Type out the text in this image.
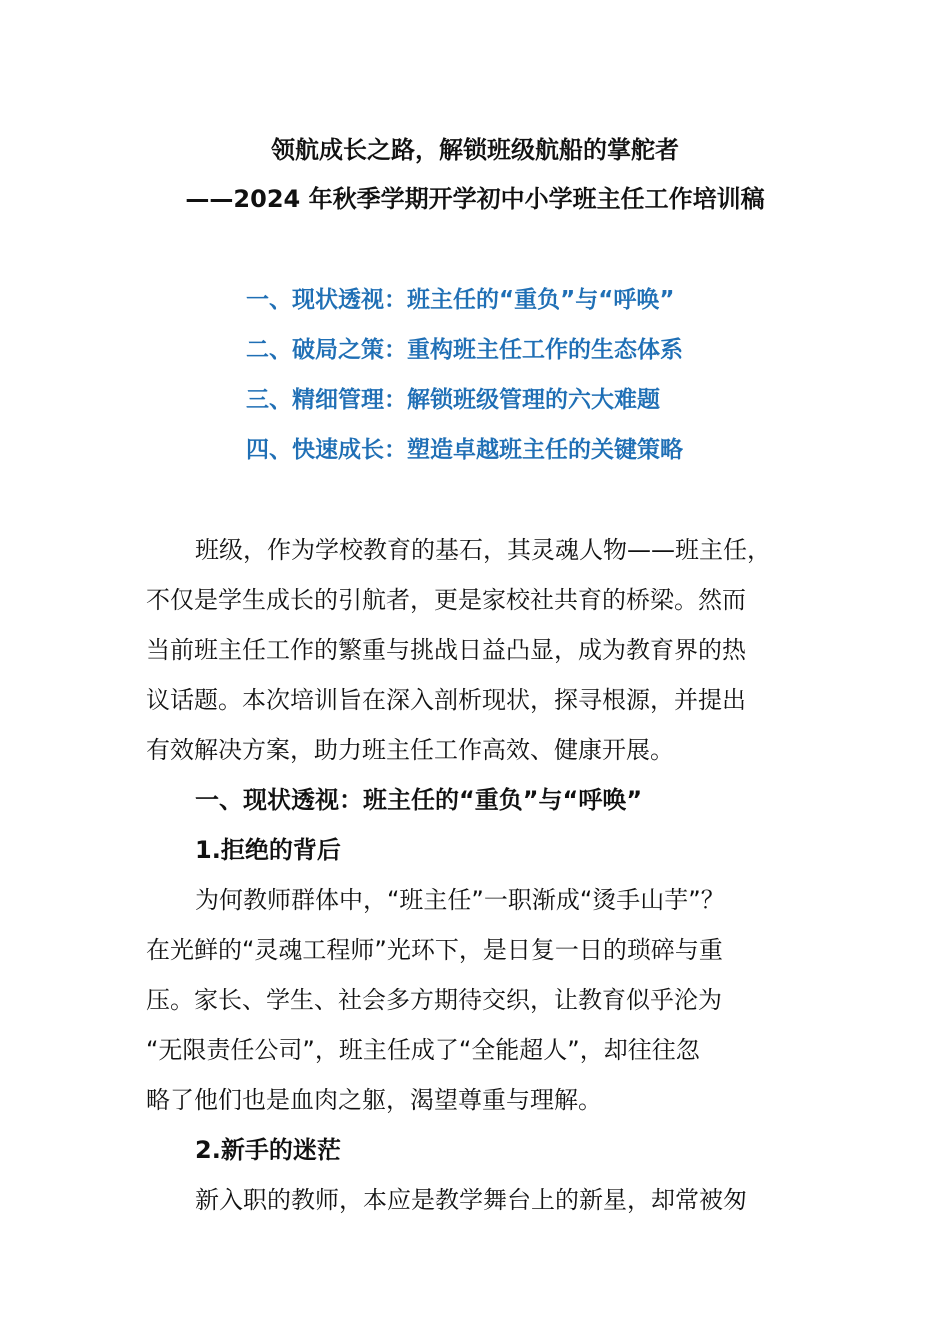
领航成长之路，解锁班级航船的掌舵者
——2024 年秋季学期开学初中小学班主任工作培训稿
一、现状透视：班主任的“重负”与“呼唤”
二、破局之策：重构班主任工作的生态体系
三、精细管理：解锁班级管理的六大难题
四、快速成长：塑造卓越班主任的关键策略
班级，作为学校教育的基石，其灵魂人物——班主任，
不仅是学生成长的引航者，更是家校社共育的桥梁。然而
当前班主任工作的繁重与挑战日益凸显，成为教育界的热
议话题。本次培训旨在深入剖析现状，探寻根源，并提出
有效解决方案，助力班主任工作高效、健康开展。
一、现状透视：班主任的“重负”与“呼唤”
1.拒绝的背后
为何教师群体中，“班主任”一职渐成“烫手山芋”？
在光鲜的“灵魂工程师”光环下，是日复一日的琐碎与重
压。家长、学生、社会多方期待交织，让教育似乎沦为
“无限责任公司”，班主任成了“全能超人”，却往往忽
略了他们也是血肉之躯，渴望尊重与理解。
2.新手的迷茫
新入职的教师，本应是教学舞台上的新星，却常被匆
